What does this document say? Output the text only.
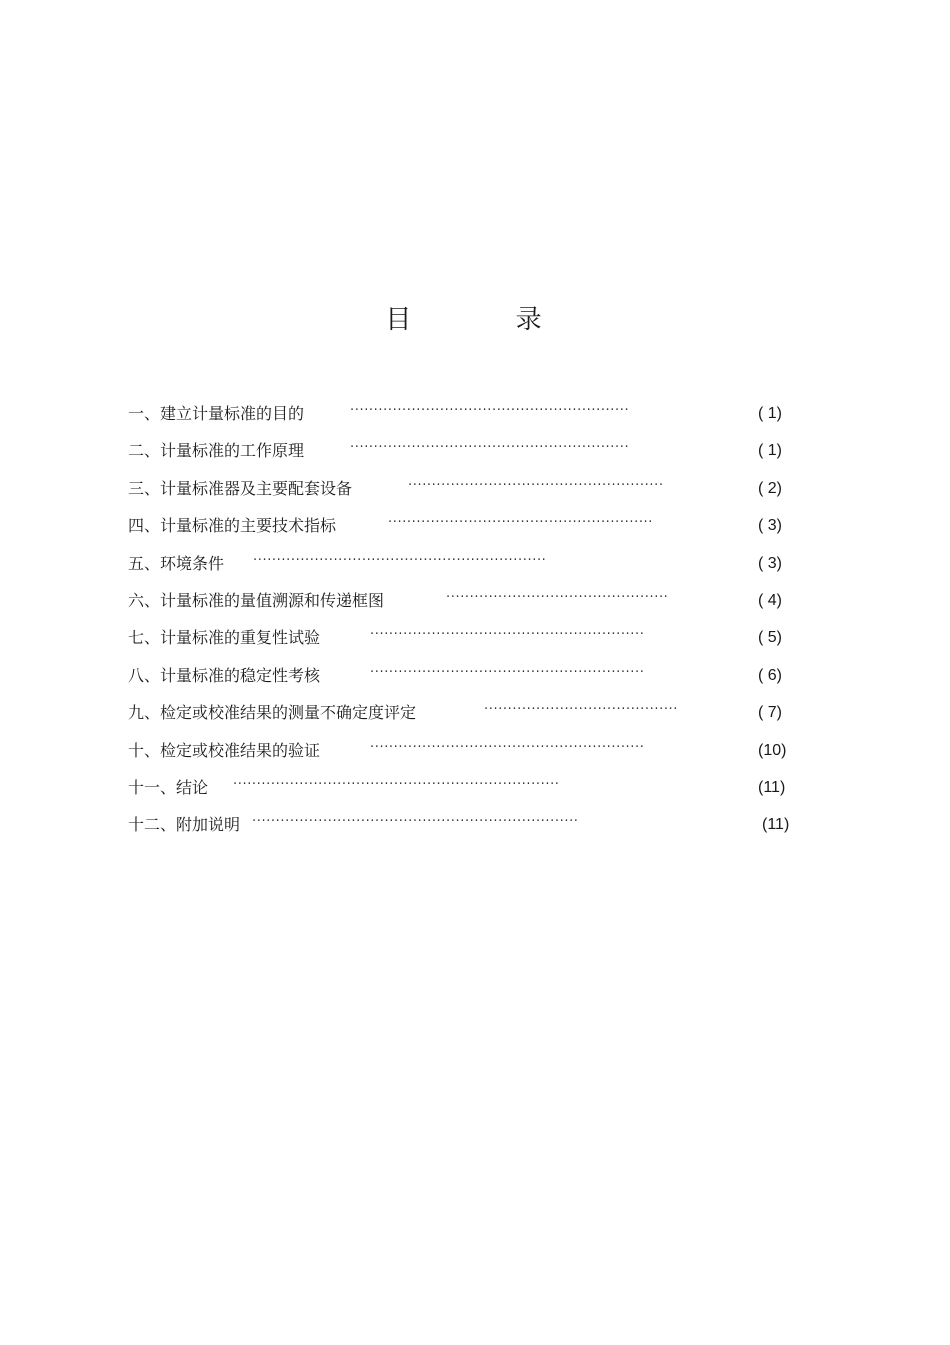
目 录
一、建立计量标准的目的	···························································	( 1)
二、计量标准的工作原理	···························································	( 1)
三、计量标准器及主要配套设备	······················································	( 2)
四、计量标准的主要技术指标	························································	( 3)
五、环境条件 ······························································	( 3)
六、计量标准的量值溯源和传递框图	···············································	( 4)
七、计量标准的重复性试验	··························································	( 5)
八、计量标准的稳定性考核	··························································	( 6)
九、检定或校准结果的测量不确定度评定	·········································	( 7)
十、检定或校准结果的验证	··························································	(10)
十一、结论 ·····································································	(11)
十二、附加说明 ·····································································	(11)
